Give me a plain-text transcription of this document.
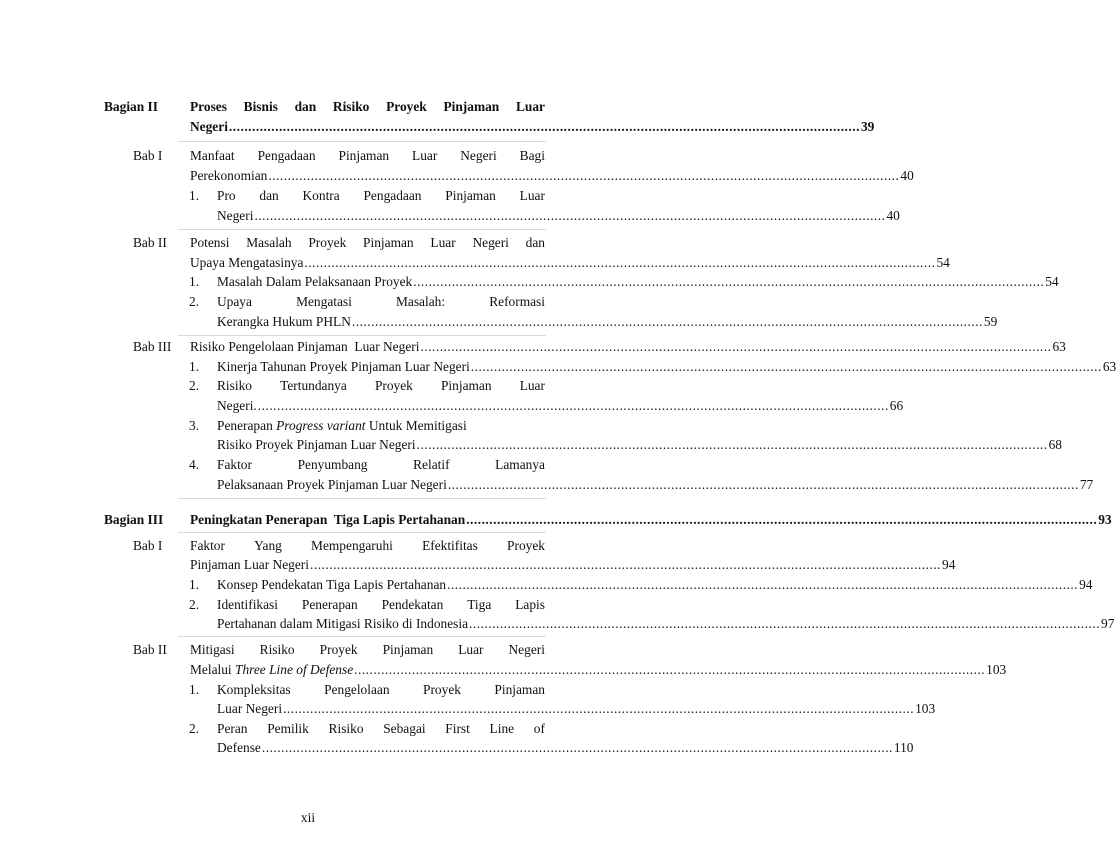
Bagian II Proses Bisnis dan Risiko Proyek Pinjaman Luar
Negeri .................................................................................................................................................................... 39
Bab I Manfaat Pengadaan Pinjaman Luar Negeri Bagi
Perekonomian .................................................................................................................................................................... 40
1. Pro dan Kontra Pengadaan Pinjaman Luar
Negeri .................................................................................................................................................................... 40
Bab II Potensi Masalah Proyek Pinjaman Luar Negeri dan
Upaya Mengatasinya .................................................................................................................................................................... 54
1. Masalah Dalam Pelaksanaan Proyek .................................................................................................................................................................... 54
2. Upaya	Mengatasi	Masalah:	Reformasi
Kerangka Hukum PHLN .................................................................................................................................................................... 59
Bab III Risiko Pengelolaan Pinjaman  Luar Negeri .................................................................................................................................................................... 63
1. Kinerja Tahunan Proyek Pinjaman Luar Negeri .................................................................................................................................................................... 63
2. Risiko Tertundanya Proyek Pinjaman Luar
Negeri. .................................................................................................................................................................... 66
3. Penerapan Progress variant Untuk Memitigasi
Risiko Proyek Pinjaman Luar Negeri .................................................................................................................................................................... 68
4. Faktor	Penyumbang	Relatif	Lamanya
Pelaksanaan Proyek Pinjaman Luar Negeri .................................................................................................................................................................... 77
Bagian III Peningkatan Penerapan  Tiga Lapis Pertahanan .................................................................................................................................................................... 93
Bab I Faktor Yang Mempengaruhi Efektifitas Proyek
Pinjaman Luar Negeri .................................................................................................................................................................... 94
1. Konsep Pendekatan Tiga Lapis Pertahanan .................................................................................................................................................................... 94
2. Identifikasi Penerapan Pendekatan Tiga Lapis
Pertahanan dalam Mitigasi Risiko di Indonesia .................................................................................................................................................................... 97
Bab II Mitigasi Risiko Proyek Pinjaman Luar Negeri
Melalui Three Line of Defense .................................................................................................................................................................... 103
1. Kompleksitas Pengelolaan Proyek Pinjaman
Luar Negeri .................................................................................................................................................................... 103
2. Peran Pemilik Risiko Sebagai First Line of
Defense .................................................................................................................................................................... 110
xii
